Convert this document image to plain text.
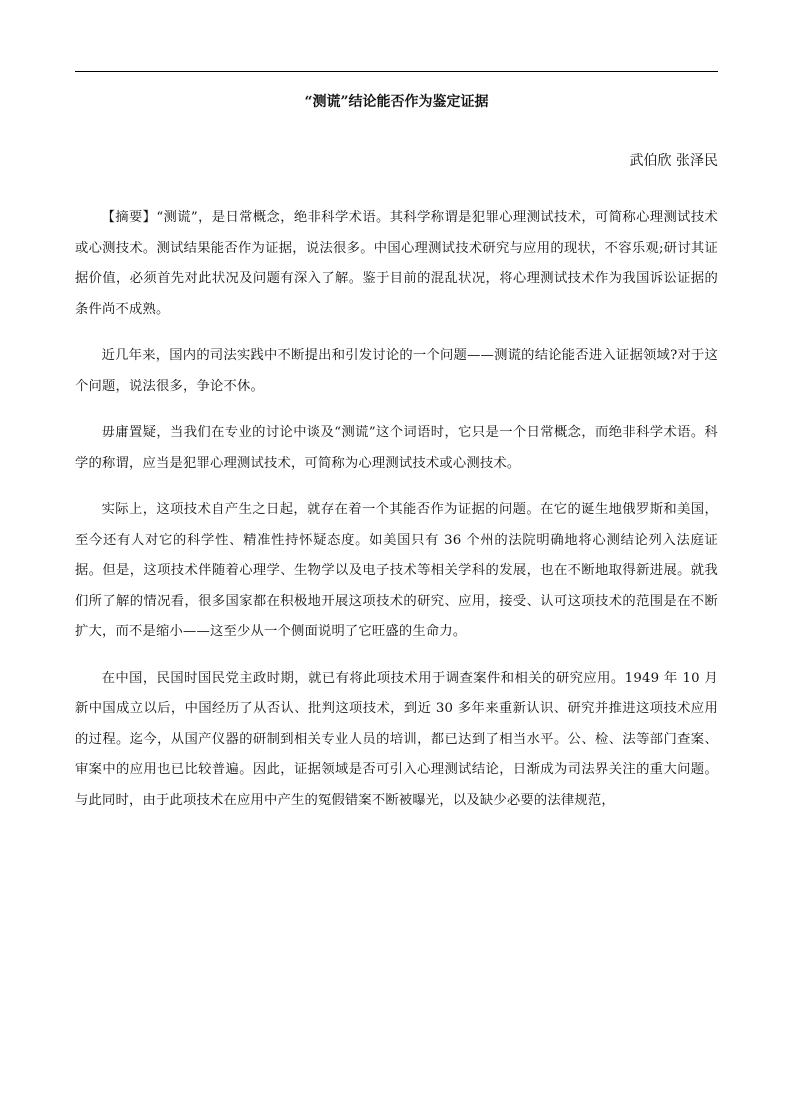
“测谎”结论能否作为鉴定证据
武伯欣 张泽民

【摘要】“测谎”，是日常概念，绝非科学术语。其科学称谓是犯罪心理测试技术，可简称心理测试技术或心测技术。测试结果能否作为证据，说法很多。中国心理测试技术研究与应用的现状，不容乐观;研讨其证据价值，必须首先对此状况及问题有深入了解。鉴于目前的混乱状况，将心理测试技术作为我国诉讼证据的条件尚不成熟。

近几年来，国内的司法实践中不断提出和引发讨论的一个问题——测谎的结论能否进入证据领域?对于这个问题，说法很多，争论不休。

毋庸置疑，当我们在专业的讨论中谈及“测谎”这个词语时，它只是一个日常概念，而绝非科学术语。科学的称谓，应当是犯罪心理测试技术，可简称为心理测试技术或心测技术。

实际上，这项技术自产生之日起，就存在着一个其能否作为证据的问题。在它的诞生地俄罗斯和美国，至今还有人对它的科学性、精准性持怀疑态度。如美国只有 36 个州的法院明确地将心测结论列入法庭证据。但是，这项技术伴随着心理学、生物学以及电子技术等相关学科的发展，也在不断地取得新进展。就我们所了解的情况看，很多国家都在积极地开展这项技术的研究、应用，接受、认可这项技术的范围是在不断扩大，而不是缩小——这至少从一个侧面说明了它旺盛的生命力。

在中国，民国时国民党主政时期，就已有将此项技术用于调查案件和相关的研究应用。1949 年 10 月新中国成立以后，中国经历了从否认、批判这项技术，到近 30 多年来重新认识、研究并推进这项技术应用的过程。迄今，从国产仪器的研制到相关专业人员的培训，都已达到了相当水平。公、检、法等部门查案、审案中的应用也已比较普遍。因此，证据领域是否可引入心理测试结论，日渐成为司法界关注的重大问题。与此同时，由于此项技术在应用中产生的冤假错案不断被曝光，以及缺少必要的法律规范，
